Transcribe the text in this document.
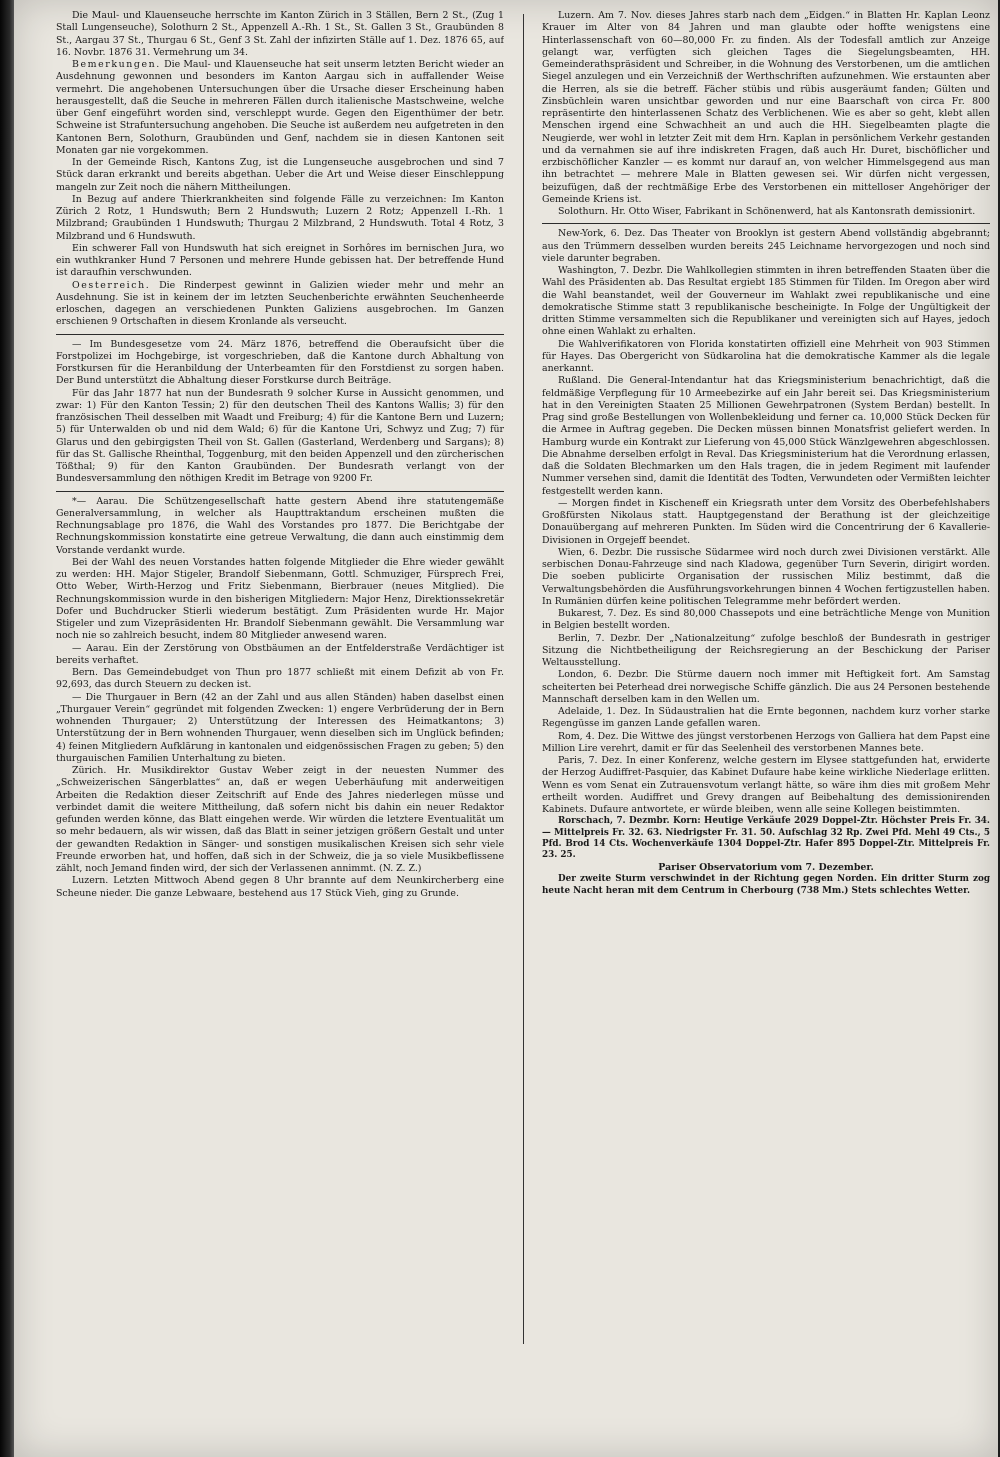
Die Maul- und Klauenseuche herrschte im Kanton Zürich in 3 Ställen, Bern 2 St., (Zug 1 Stall Lungenseuche), Solothurn 2 St., Appenzell A.-Rh. 1 St., St. Gallen 3 St., Graubünden 8 St., Aargau 37 St., Thurgau 6 St., Genf 3 St. Zahl der infizirten Ställe auf 1. Dez. 1876 65, auf 16. Novbr. 1876 31. Vermehrung um 34.

Bemerkungen. Die Maul- und Klauenseuche hat seit unserm letzten Bericht wieder an Ausdehnung gewonnen und besonders im Kanton Aargau sich in auffallender Weise vermehrt. Die angehobenen Untersuchungen über die Ursache dieser Erscheinung haben herausgestellt, daß die Seuche in mehreren Fällen durch italienische Mastschweine, welche über Genf eingeführt worden sind, verschleppt wurde. Gegen den Eigenthümer der betr. Schweine ist Strafuntersuchung angehoben. Die Seuche ist außerdem neu aufgetreten in den Kantonen Bern, Solothurn, Graubünden und Genf, nachdem sie in diesen Kantonen seit Monaten gar nie vorgekommen.

In der Gemeinde Risch, Kantons Zug, ist die Lungenseuche ausgebrochen und sind 7 Stück daran erkrankt und bereits abgethan. Ueber die Art und Weise dieser Einschleppung mangeln zur Zeit noch die nähern Mittheilungen.

In Bezug auf andere Thierkrankheiten sind folgende Fälle zu verzeichnen: Im Kanton Zürich 2 Rotz, 1 Hundswuth; Bern 2 Hundswuth; Luzern 2 Rotz; Appenzell I.-Rh. 1 Milzbrand; Graubünden 1 Hundswuth; Thurgau 2 Milzbrand, 2 Hundswuth. Total 4 Rotz, 3 Milzbrand und 6 Hundswuth.

Ein schwerer Fall von Hundswuth hat sich ereignet in Sorhôres im bernischen Jura, wo ein wuthkranker Hund 7 Personen und mehrere Hunde gebissen hat. Der betreffende Hund ist daraufhin verschwunden.

Oesterreich. Die Rinderpest gewinnt in Galizien wieder mehr und mehr an Ausdehnung. Sie ist in keinem der im letzten Seuchenberichte erwähnten Seuchenheerde erloschen, dagegen an verschiedenen Punkten Galiziens ausgebrochen. Im Ganzen erschienen 9 Ortschaften in diesem Kronlande als verseucht.

— Im Bundesgesetze vom 24. März 1876, betreffend die Oberaufsicht über die Forstpolizei im Hochgebirge, ist vorgeschrieben, daß die Kantone durch Abhaltung von Forstkursen für die Heranbildung der Unterbeamten für den Forstdienst zu sorgen haben. Der Bund unterstützt die Abhaltung dieser Forstkurse durch Beiträge.

Für das Jahr 1877 hat nun der Bundesrath 9 solcher Kurse in Aussicht genommen, und zwar: 1) Für den Kanton Tessin; 2) für den deutschen Theil des Kantons Wallis; 3) für den französischen Theil desselben mit Waadt und Freiburg; 4) für die Kantone Bern und Luzern; 5) für Unterwalden ob und nid dem Wald; 6) für die Kantone Uri, Schwyz und Zug; 7) für Glarus und den gebirgigsten Theil von St. Gallen (Gasterland, Werdenberg und Sargans); 8) für das St. Gallische Rheinthal, Toggenburg, mit den beiden Appenzell und den zürcherischen Tößthal; 9) für den Kanton Graubünden. Der Bundesrath verlangt von der Bundesversammlung den nöthigen Kredit im Betrage von 9200 Fr.

*— Aarau. Die Schützengesellschaft hatte gestern Abend ihre statutengemäße Generalversammlung, in welcher als Haupttraktandum erscheinen mußten die Rechnungsablage pro 1876, die Wahl des Vorstandes pro 1877. Die Berichtgabe der Rechnungskommission konstatirte eine getreue Verwaltung, die dann auch einstimmig dem Vorstande verdankt wurde.

Bei der Wahl des neuen Vorstandes hatten folgende Mitglieder die Ehre wieder gewählt zu werden: HH. Major Stigeler, Brandolf Siebenmann, Gottl. Schmuziger, Fürsprech Frei, Otto Weber, Wirth-Herzog und Fritz Siebenmann, Bierbrauer (neues Mitglied). Die Rechnungskommission wurde in den bisherigen Mitgliedern: Major Henz, Direktionssekretär Dofer und Buchdrucker Stierli wiederum bestätigt. Zum Präsidenten wurde Hr. Major Stigeler und zum Vizepräsidenten Hr. Brandolf Siebenmann gewählt. Die Versammlung war noch nie so zahlreich besucht, indem 80 Mitglieder anwesend waren.

— Aarau. Ein der Zerstörung von Obstbäumen an der Entfelderstraße Verdächtiger ist bereits verhaftet.

Bern. Das Gemeindebudget von Thun pro 1877 schließt mit einem Defizit ab von Fr. 92,693, das durch Steuern zu decken ist.

— Die Thurgauer in Bern (42 an der Zahl und aus allen Ständen) haben daselbst einen „Thurgauer Verein“ gegründet mit folgenden Zwecken: 1) engere Verbrüderung der in Bern wohnenden Thurgauer; 2) Unterstützung der Interessen des Heimatkantons; 3) Unterstützung der in Bern wohnenden Thurgauer, wenn dieselben sich im Unglück befinden; 4) feinen Mitgliedern Aufklärung in kantonalen und eidgenössischen Fragen zu geben; 5) den thurgauischen Familien Unterhaltung zu bieten.

Zürich. Hr. Musikdirektor Gustav Weber zeigt in der neuesten Nummer des „Schweizerischen Sängerblattes“ an, daß er wegen Ueberhäufung mit anderweitigen Arbeiten die Redaktion dieser Zeitschrift auf Ende des Jahres niederlegen müsse und verbindet damit die weitere Mittheilung, daß sofern nicht bis dahin ein neuer Redaktor gefunden werden könne, das Blatt eingehen werde. Wir würden die letztere Eventualität um so mehr bedauern, als wir wissen, daß das Blatt in seiner jetzigen größern Gestalt und unter der gewandten Redaktion in Sänger- und sonstigen musikalischen Kreisen sich sehr viele Freunde erworben hat, und hoffen, daß sich in der Schweiz, die ja so viele Musikbeflissene zählt, noch Jemand finden wird, der sich der Verlassenen annimmt. (N. Z. Z.)

Luzern. Letzten Mittwoch Abend gegen 8 Uhr brannte auf dem Neunkircherberg eine Scheune nieder. Die ganze Lebwaare, bestehend aus 17 Stück Vieh, ging zu Grunde.

Luzern. Am 7. Nov. dieses Jahres starb nach dem „Eidgen.“ in Blatten Hr. Kaplan Leonz Krauer im Alter von 84 Jahren und man glaubte oder hoffte wenigstens eine Hinterlassenschaft von 60—80,000 Fr. zu finden. Als der Todesfall amtlich zur Anzeige gelangt war, verfügten sich gleichen Tages die Siegelungsbeamten, HH. Gemeinderathspräsident und Schreiber, in die Wohnung des Verstorbenen, um die amtlichen Siegel anzulegen und ein Verzeichniß der Werthschriften aufzunehmen. Wie erstaunten aber die Herren, als sie die betreff. Fächer stübis und rübis ausgeräumt fanden; Gülten und Zinsbüchlein waren unsichtbar geworden und nur eine Baarschaft von circa Fr. 800 repräsentirte den hinterlassenen Schatz des Verblichenen. Wie es aber so geht, klebt allen Menschen irgend eine Schwachheit an und auch die HH. Siegelbeamten plagte die Neugierde, wer wohl in letzter Zeit mit dem Hrn. Kaplan in persönlichem Verkehr gestanden und da vernahmen sie auf ihre indiskreten Fragen, daß auch Hr. Duret, bischöflicher und erzbischöflicher Kanzler — es kommt nur darauf an, von welcher Himmelsgegend aus man ihn betrachtet — mehrere Male in Blatten gewesen sei. Wir dürfen nicht vergessen, beizufügen, daß der rechtmäßige Erbe des Verstorbenen ein mittelloser Angehöriger der Gemeinde Kriens ist.

Solothurn. Hr. Otto Wiser, Fabrikant in Schönenwerd, hat als Kantonsrath demissionirt.

New-York, 6. Dez. Das Theater von Brooklyn ist gestern Abend vollständig abgebrannt; aus den Trümmern desselben wurden bereits 245 Leichname hervorgezogen und noch sind viele darunter begraben.

Washington, 7. Dezbr. Die Wahlkollegien stimmten in ihren betreffenden Staaten über die Wahl des Präsidenten ab. Das Resultat ergiebt 185 Stimmen für Tilden. Im Oregon aber wird die Wahl beanstandet, weil der Gouverneur im Wahlakt zwei republikanische und eine demokratische Stimme statt 3 republikanische bescheinigte. In Folge der Ungültigkeit der dritten Stimme versammelten sich die Republikaner und vereinigten sich auf Hayes, jedoch ohne einen Wahlakt zu erhalten.

Die Wahlverifikatoren von Florida konstatirten offiziell eine Mehrheit von 903 Stimmen für Hayes. Das Obergericht von Südkarolina hat die demokratische Kammer als die legale anerkannt.

Rußland. Die General-Intendantur hat das Kriegsministerium benachrichtigt, daß die feldmäßige Verpflegung für 10 Armeebezirke auf ein Jahr bereit sei. Das Kriegsministerium hat in den Vereinigten Staaten 25 Millionen Gewehrpatronen (System Berdan) bestellt. In Prag sind große Bestellungen von Wollenbekleidung und ferner ca. 10,000 Stück Decken für die Armee in Auftrag gegeben. Die Decken müssen binnen Monatsfrist geliefert werden. In Hamburg wurde ein Kontrakt zur Lieferung von 45,000 Stück Wänzlgewehren abgeschlossen. Die Abnahme derselben erfolgt in Reval. Das Kriegsministerium hat die Verordnung erlassen, daß die Soldaten Blechmarken um den Hals tragen, die in jedem Regiment mit laufender Nummer versehen sind, damit die Identität des Todten, Verwundeten oder Vermißten leichter festgestellt werden kann.

— Morgen findet in Kischeneff ein Kriegsrath unter dem Vorsitz des Oberbefehlshabers Großfürsten Nikolaus statt. Hauptgegenstand der Berathung ist der gleichzeitige Donauübergang auf mehreren Punkten. Im Süden wird die Concentrirung der 6 Kavallerie-Divisionen in Orgejeff beendet.

Wien, 6. Dezbr. Die russische Südarmee wird noch durch zwei Divisionen verstärkt. Alle serbischen Donau-Fahrzeuge sind nach Kladowa, gegenüber Turn Severin, dirigirt worden. Die soeben publicirte Organisation der russischen Miliz bestimmt, daß die Verwaltungsbehörden die Ausführungsvorkehrungen binnen 4 Wochen fertigzustellen haben. In Rumänien dürfen keine politischen Telegramme mehr befördert werden.

Bukarest, 7. Dez. Es sind 80,000 Chassepots und eine beträchtliche Menge von Munition in Belgien bestellt worden.

Berlin, 7. Dezbr. Der „Nationalzeitung“ zufolge beschloß der Bundesrath in gestriger Sitzung die Nichtbetheiligung der Reichsregierung an der Beschickung der Pariser Weltausstellung.

London, 6. Dezbr. Die Stürme dauern noch immer mit Heftigkeit fort. Am Samstag scheiterten bei Peterhead drei norwegische Schiffe gänzlich. Die aus 24 Personen bestehende Mannschaft derselben kam in den Wellen um.

Adelaide, 1. Dez. In Südaustralien hat die Ernte begonnen, nachdem kurz vorher starke Regengüsse im ganzen Lande gefallen waren.

Rom, 4. Dez. Die Wittwe des jüngst verstorbenen Herzogs von Galliera hat dem Papst eine Million Lire verehrt, damit er für das Seelenheil des verstorbenen Mannes bete.

Paris, 7. Dez. In einer Konferenz, welche gestern im Elysee stattgefunden hat, erwiderte der Herzog Audiffret-Pasquier, das Kabinet Dufaure habe keine wirkliche Niederlage erlitten. Wenn es vom Senat ein Zutrauensvotum verlangt hätte, so wäre ihm dies mit großem Mehr ertheilt worden. Audiffret und Grevy drangen auf Beibehaltung des demissionirenden Kabinets. Dufaure antwortete, er würde bleiben, wenn alle seine Kollegen beistimmten.

Rorschach, 7. Dezmbr. Korn: Heutige Verkäufe 2029 Doppel-Ztr. Höchster Preis Fr. 34. — Mittelpreis Fr. 32. 63. Niedrigster Fr. 31. 50. Aufschlag 32 Rp. Zwei Pfd. Mehl 49 Cts., 5 Pfd. Brod 14 Cts. Wochenverkäufe 1304 Doppel-Ztr. Hafer 895 Doppel-Ztr. Mittelpreis Fr. 23. 25.

Pariser Observatorium vom 7. Dezember.

Der zweite Sturm verschwindet in der Richtung gegen Norden. Ein dritter Sturm zog heute Nacht heran mit dem Centrum in Cherbourg (738 Mm.) Stets schlechtes Wetter.
